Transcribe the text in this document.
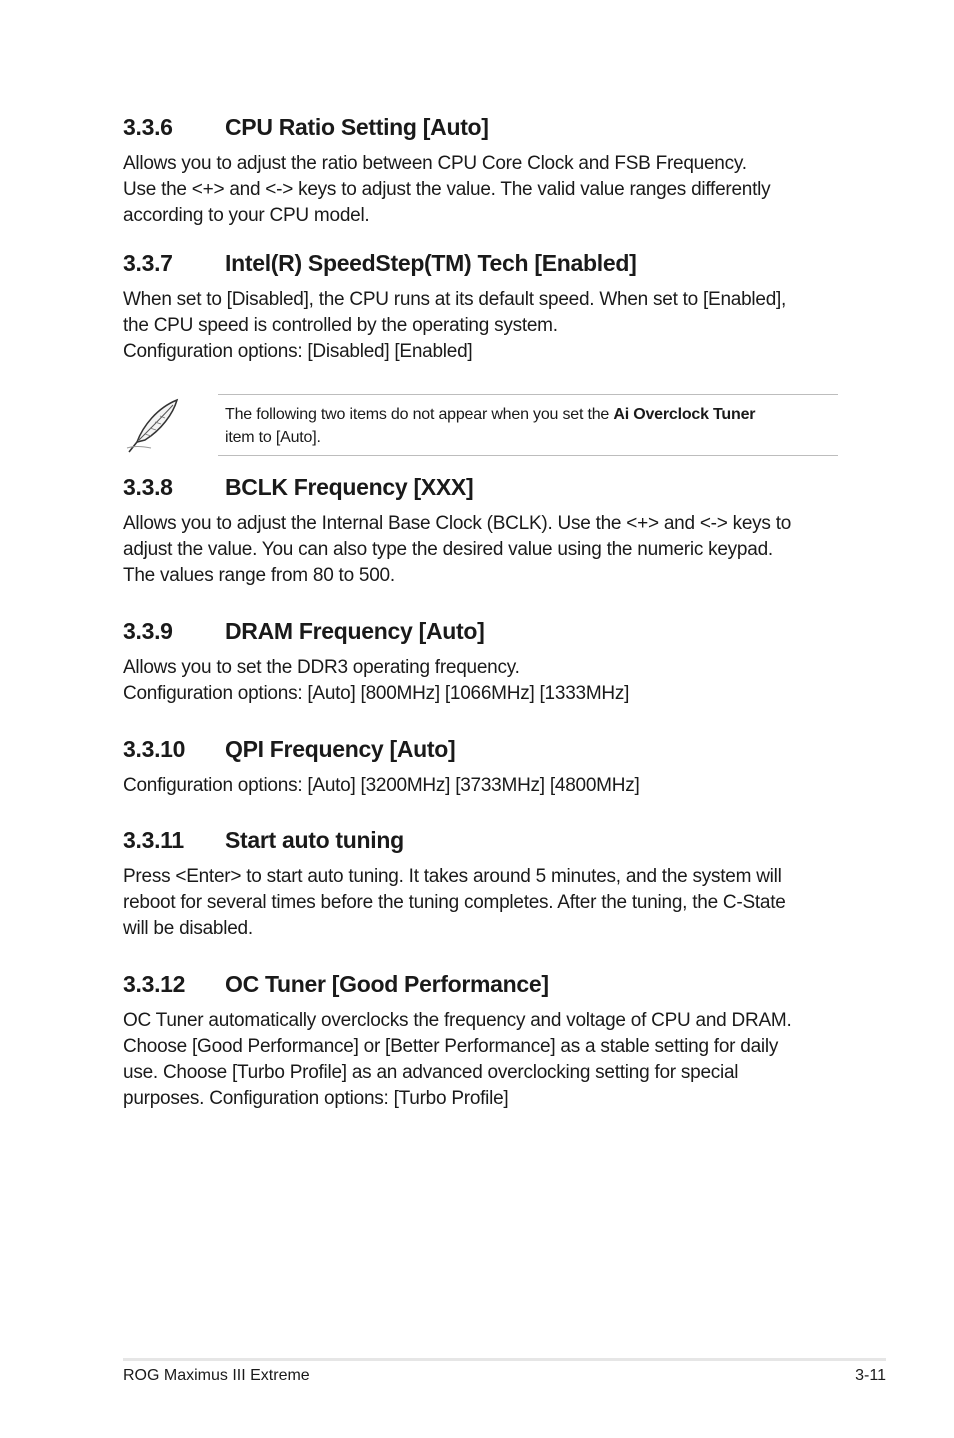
3.3.6	CPU Ratio Setting [Auto]

Allows you to adjust the ratio between CPU Core Clock and FSB Frequency.

Use the <+> and <-> keys to adjust the value. The valid value ranges differently

according to your CPU model.

3.3.7	Intel(R) SpeedStep(TM) Tech [Enabled]

When set to [Disabled], the CPU runs at its default speed. When set to [Enabled],

the CPU speed is controlled by the operating system.

Configuration options: [Disabled] [Enabled]

The following two items do not appear when you set the Ai Overclock Tuner
item to [Auto].
3.3.8	BCLK Frequency [XXX]

Allows you to adjust the Internal Base Clock (BCLK). Use the <+> and <-> keys to

adjust the value. You can also type the desired value using the numeric keypad.

The values range from 80 to 500.

3.3.9	DRAM Frequency [Auto]

Allows you to set the DDR3 operating frequency.

Configuration options: [Auto] [800MHz] [1066MHz] [1333MHz]

3.3.10	QPI Frequency [Auto]

Configuration options: [Auto] [3200MHz] [3733MHz] [4800MHz]

3.3.11	Start auto tuning

Press <Enter> to start auto tuning. It takes around 5 minutes, and the system will

reboot for several times before the tuning completes. After the tuning, the C-State

will be disabled.

3.3.12	OC Tuner [Good Performance]

OC Tuner automatically overclocks the frequency and voltage of CPU and DRAM.

Choose [Good Performance] or [Better Performance] as a stable setting for daily

use. Choose [Turbo Profile] as an advanced overclocking setting for special

purposes. Configuration options: [Turbo Profile]

ROG Maximus III Extreme	3-11
